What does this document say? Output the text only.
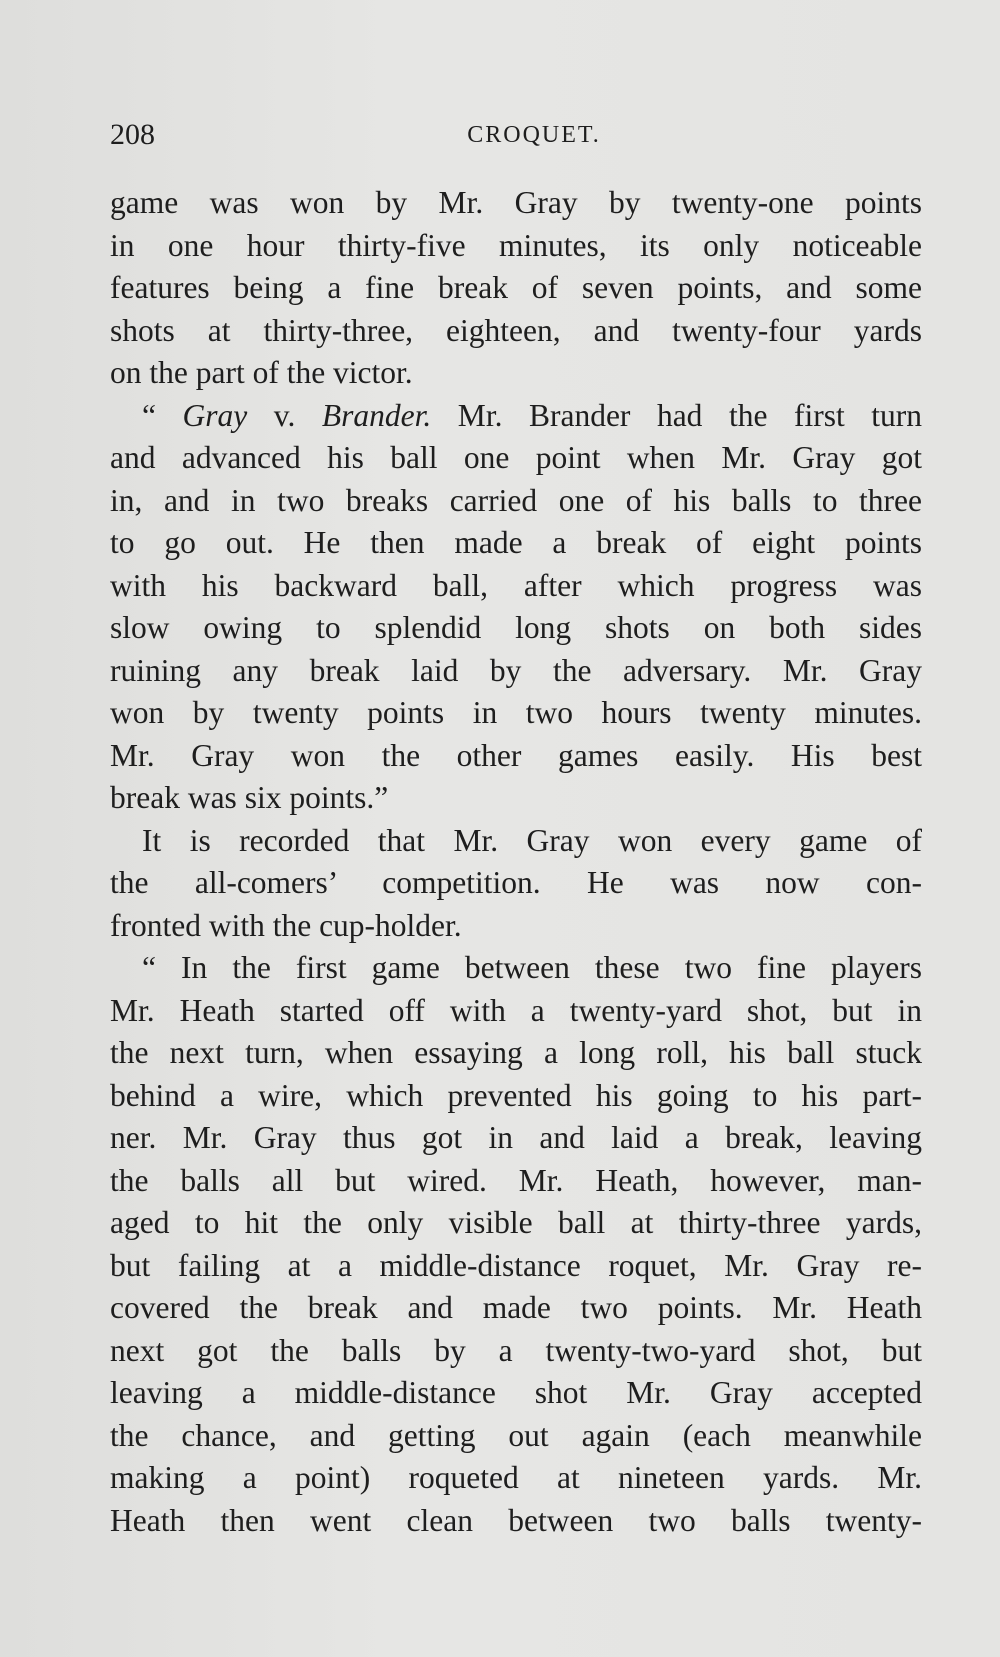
208	CROQUET.
game was won by Mr. Gray by twenty-one points
in one hour thirty-five minutes, its only noticeable
features being a fine break of seven points, and some
shots at thirty-three, eighteen, and twenty-four yards
on the part of the victor.
“ Gray v. Brander. Mr. Brander had the first turn
and advanced his ball one point when Mr. Gray got
in, and in two breaks carried one of his balls to three
to go out. He then made a break of eight points
with his backward ball, after which progress was
slow owing to splendid long shots on both sides
ruining any break laid by the adversary. Mr. Gray
won by twenty points in two hours twenty minutes.
Mr. Gray won the other games easily. His best
break was six points.”
It is recorded that Mr. Gray won every game of
the all-comers’ competition. He was now con-
fronted with the cup-holder.
“ In the first game between these two fine players
Mr. Heath started off with a twenty-yard shot, but in
the next turn, when essaying a long roll, his ball stuck
behind a wire, which prevented his going to his part-
ner. Mr. Gray thus got in and laid a break, leaving
the balls all but wired. Mr. Heath, however, man-
aged to hit the only visible ball at thirty-three yards,
but failing at a middle-distance roquet, Mr. Gray re-
covered the break and made two points. Mr. Heath
next got the balls by a twenty-two-yard shot, but
leaving a middle-distance shot Mr. Gray accepted
the chance, and getting out again (each meanwhile
making a point) roqueted at nineteen yards. Mr.
Heath then went clean between two balls twenty-
